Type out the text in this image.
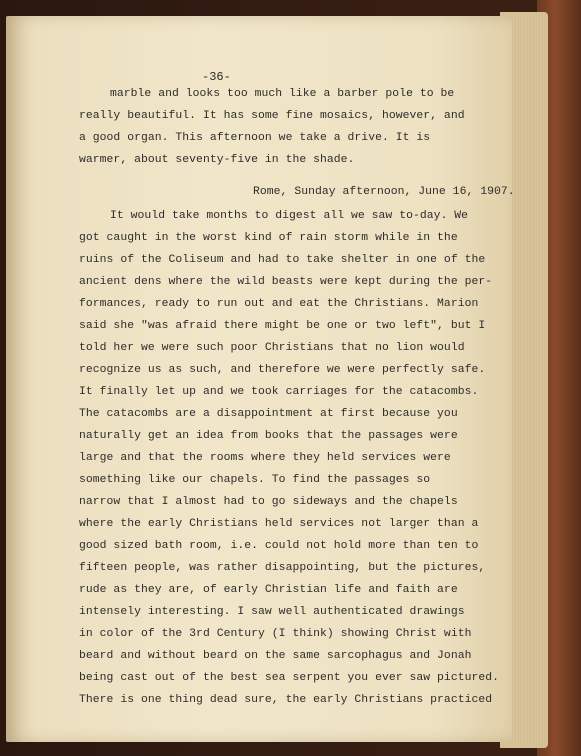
-36-
marble and looks too much like a barber pole to be
really beautiful. It has some fine mosaics, however, and
a good organ. This afternoon we take a drive. It is
warmer, about seventy-five in the shade.
Rome, Sunday afternoon, June 16, 1907.
It would take months to digest all we saw to-day. We
got caught in the worst kind of rain storm while in the
ruins of the Coliseum and had to take shelter in one of the
ancient dens where the wild beasts were kept during the per-
formances, ready to run out and eat the Christians. Marion
said she "was afraid there might be one or two left", but I
told her we were such poor Christians that no lion would
recognize us as such, and therefore we were perfectly safe.
It finally let up and we took carriages for the catacombs.
The catacombs are a disappointment at first because you
naturally get an idea from books that the passages were
large and that the rooms where they held services were
something like our chapels. To find the passages so
narrow that I almost had to go sideways and the chapels
where the early Christians held services not larger than a
good sized bath room, i.e. could not hold more than ten to
fifteen people, was rather disappointing, but the pictures,
rude as they are, of early Christian life and faith are
intensely interesting. I saw well authenticated drawings
in color of the 3rd Century (I think) showing Christ with
beard and without beard on the same sarcophagus and Jonah
being cast out of the best sea serpent you ever saw pictured.
There is one thing dead sure, the early Christians practiced
